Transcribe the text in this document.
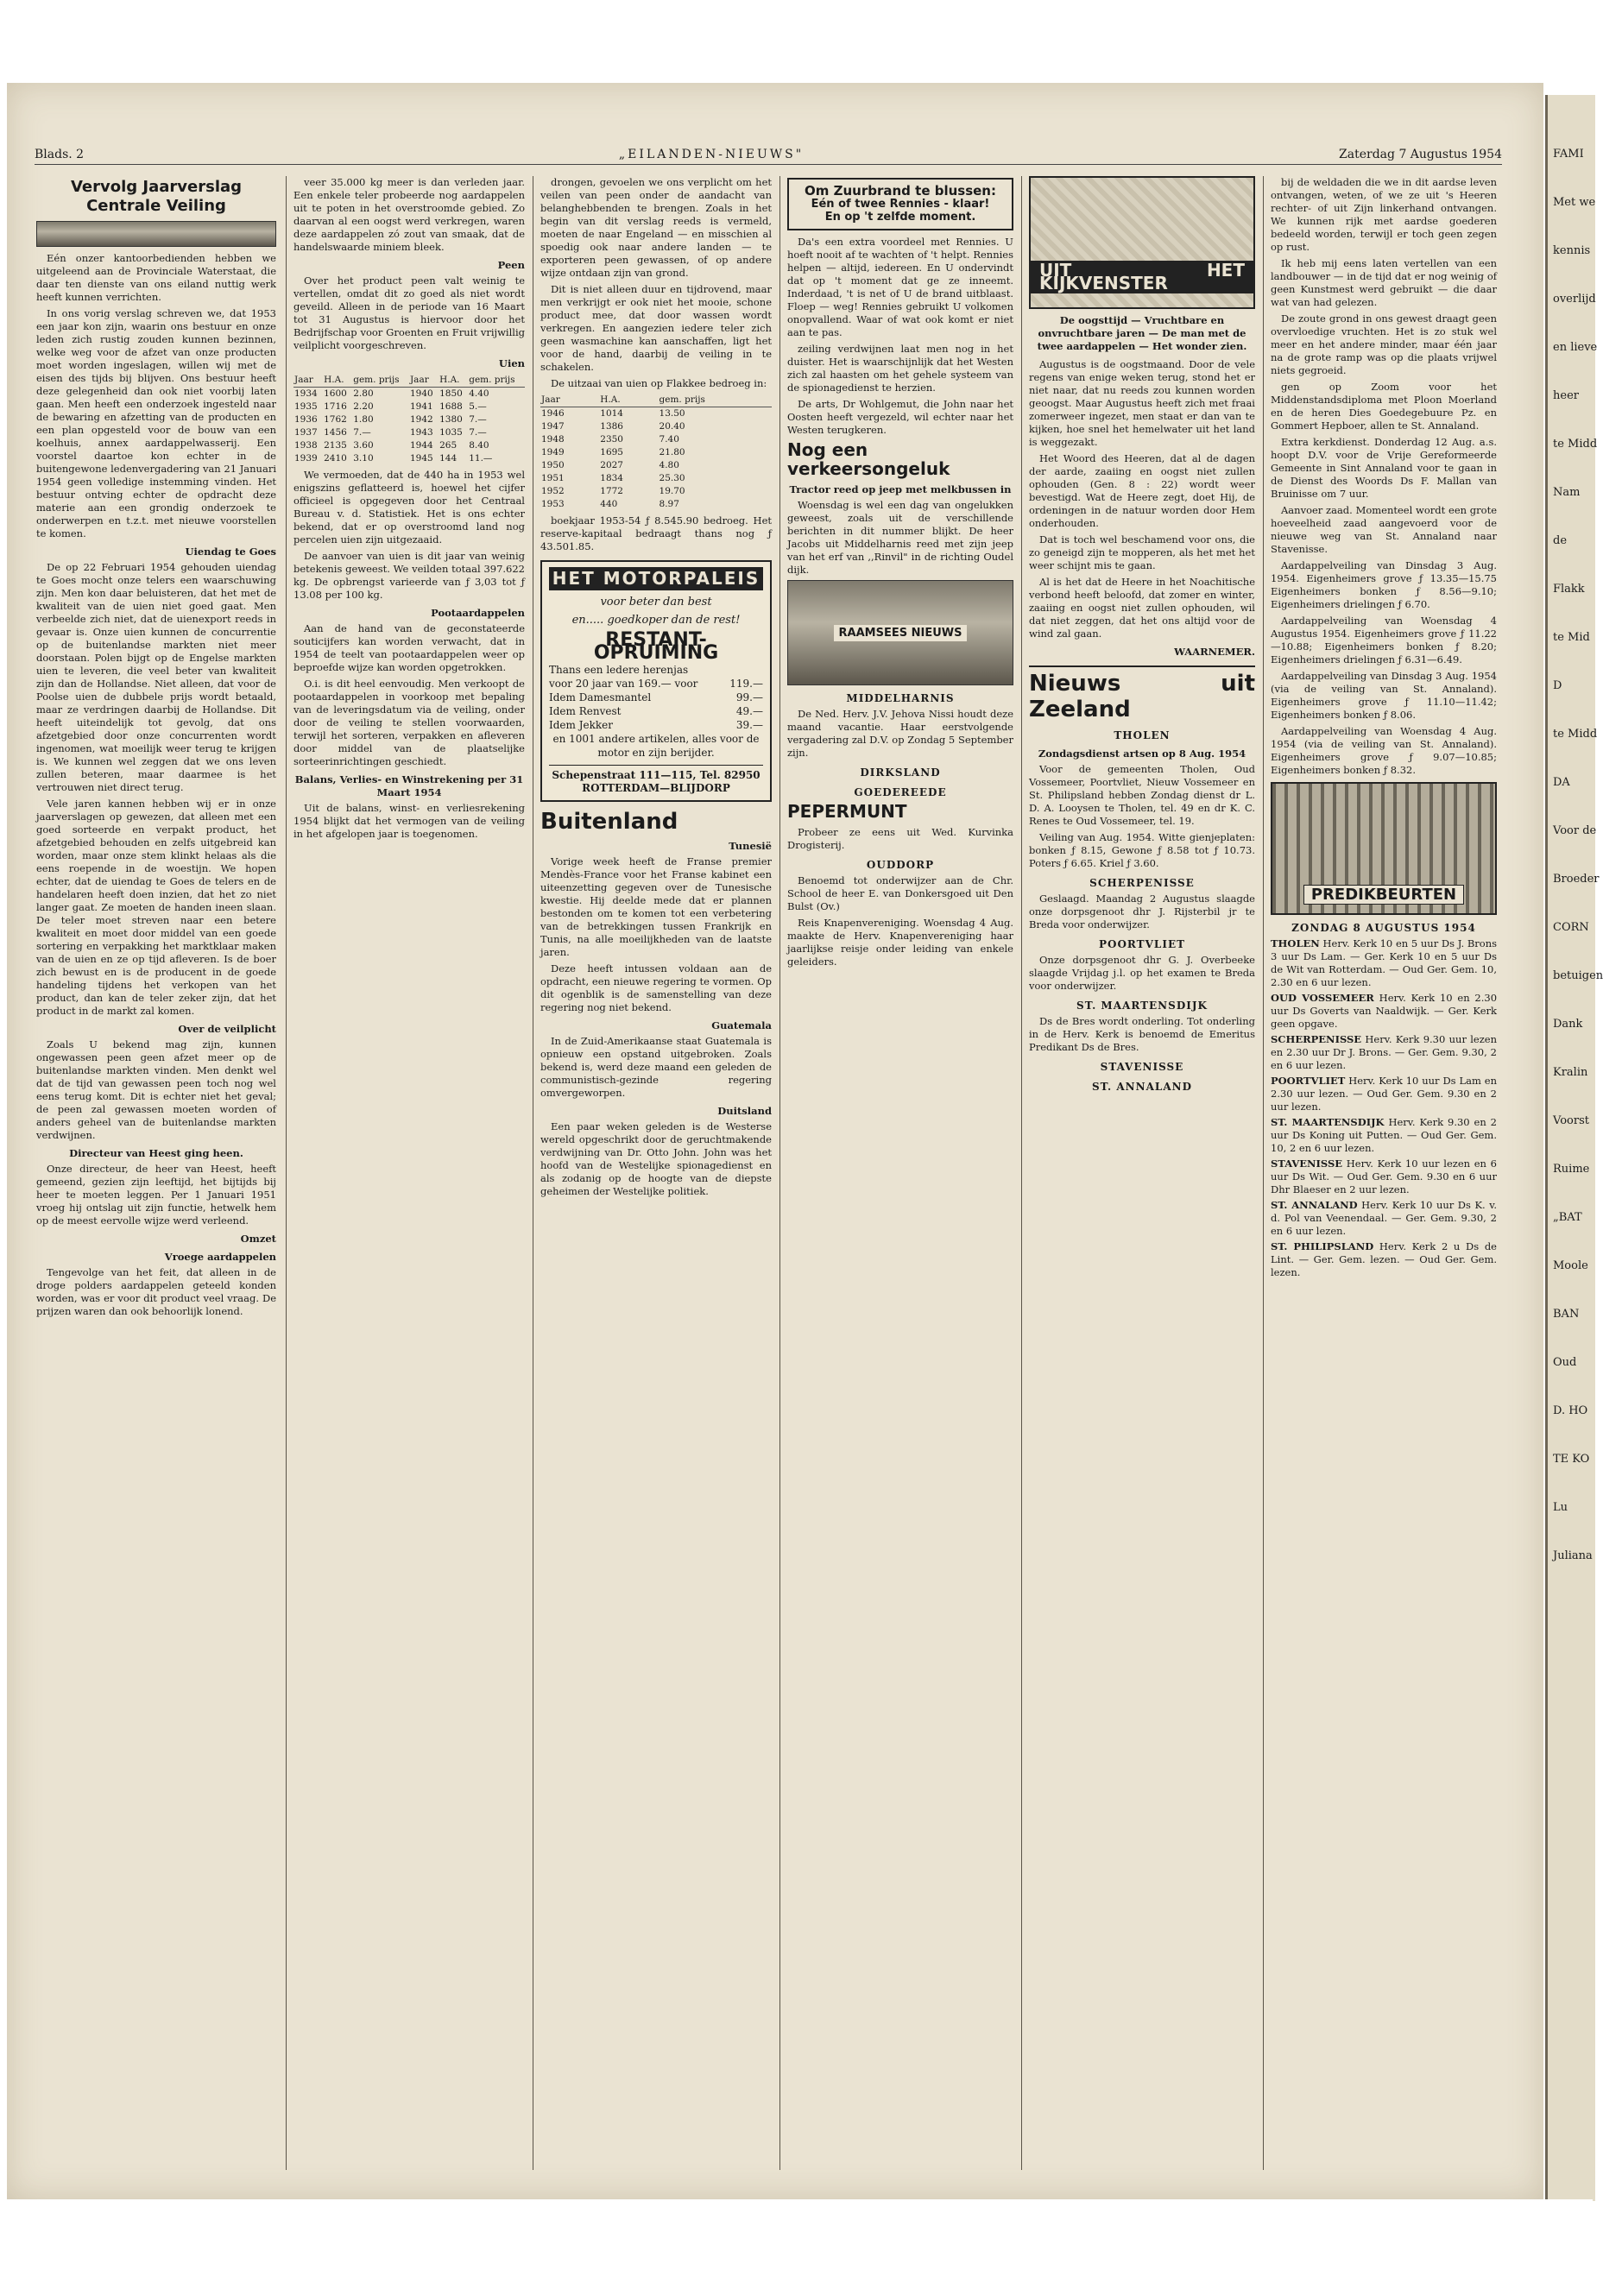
FAMI
Met we
kennis
overlijd
en lieve
heer
te Midd
Nam
de
Flakk
te Mid
D
te Midd
DA
Voor de
Broeder
CORN
betuigen
Dank
Kralin
Voorst
Ruime
„BAT
Moole
BAN
Oud
D. HO
TE KO
Lu
Juliana
Blads. 2	„EILANDEN-NIEUWS"	Zaterdag 7 Augustus 1954
Vervolg Jaarverslag Centrale Veiling

Eén onzer kantoorbedienden hebben we uitgeleend aan de Provinciale Waterstaat, die daar ten dienste van ons eiland nuttig werk heeft kunnen verrichten.

In ons vorig verslag schreven we, dat 1953 een jaar kon zijn, waarin ons bestuur en onze leden zich rustig zouden kunnen bezinnen, welke weg voor de afzet van onze producten moet worden ingeslagen, willen wij met de eisen des tijds bij blijven. Ons bestuur heeft deze gelegenheid dan ook niet voorbij laten gaan. Men heeft een onderzoek ingesteld naar de bewaring en afzetting van de producten en een plan opgesteld voor de bouw van een koelhuis, annex aardappelwasserij. Een voorstel daartoe kon echter in de buitengewone ledenvergadering van 21 Januari 1954 geen volledige instemming vinden. Het bestuur ontving echter de opdracht deze materie aan een grondig onderzoek te onderwerpen en t.z.t. met nieuwe voorstellen te komen.

Uiendag te Goes

De op 22 Februari 1954 gehouden uiendag te Goes mocht onze telers een waarschuwing zijn. Men kon daar beluisteren, dat het met de kwaliteit van de uien niet goed gaat. Men verbeelde zich niet, dat de uienexport reeds in gevaar is. Onze uien kunnen de concurrentie op de buitenlandse markten niet meer doorstaan. Polen bijgt op de Engelse markten uien te leveren, die veel beter van kwaliteit zijn dan de Hollandse. Niet alleen, dat voor de Poolse uien de dubbele prijs wordt betaald, maar ze verdringen daarbij de Hollandse. Dit heeft uiteindelijk tot gevolg, dat ons afzetgebied door onze concurrenten wordt ingenomen, wat moeilijk weer terug te krijgen is. We kunnen wel zeggen dat we ons leven zullen beteren, maar daarmee is het vertrouwen niet direct terug.

Vele jaren kannen hebben wij er in onze jaarverslagen op gewezen, dat alleen met een goed sorteerde en verpakt product, het afzetgebied behouden en zelfs uitgebreid kan worden, maar onze stem klinkt helaas als die eens roepende in de woestijn. We hopen echter, dat de uiendag te Goes de telers en de handelaren heeft doen inzien, dat het zo niet langer gaat. Ze moeten de handen ineen slaan. De teler moet streven naar een betere kwaliteit en moet door middel van een goede sortering en verpakking het marktklaar maken van de uien en ze op tijd afleveren. Is de boer zich bewust en is de producent in de goede handeling tijdens het verkopen van het product, dan kan de teler zeker zijn, dat het product in de markt zal komen.

Over de veilplicht

Zoals U bekend mag zijn, kunnen ongewassen peen geen afzet meer op de buitenlandse markten vinden. Men denkt wel dat de tijd van gewassen peen toch nog wel eens terug komt. Dit is echter niet het geval; de peen zal gewassen moeten worden of anders geheel van de buitenlandse markten verdwijnen.

Directeur van Heest ging heen.

Onze directeur, de heer van Heest, heeft gemeend, gezien zijn leeftijd, het bijtijds bij heer te moeten leggen. Per 1 Januari 1951 vroeg hij ontslag uit zijn functie, hetwelk hem op de meest eervolle wijze werd verleend.

Omzet
Vroege aardappelen

Tengevolge van het feit, dat alleen in de droge polders aardappelen geteeld konden worden, was er voor dit product veel vraag. De prijzen waren dan ook behoorlijk lonend.

veer 35.000 kg meer is dan verleden jaar. Een enkele teler probeerde nog aardappelen uit te poten in het overstroomde gebied. Zo daarvan al een oogst werd verkregen, waren deze aardappelen zó zout van smaak, dat de handelswaarde miniem bleek.

Peen

Over het product peen valt weinig te vertellen, omdat dit zo goed als niet wordt geveild. Alleen in de periode van 16 Maart tot 31 Augustus is hiervoor door het Bedrijfschap voor Groenten en Fruit vrijwillig veilplicht voorgeschreven.

Uien
Jaar	H.A.	gem. prijs	Jaar	H.A.	gem. prijs
1934	1600	2.80	1940	1850	4.40
1935	1716	2.20	1941	1688	5.—
1936	1762	1.80	1942	1380	7.—
1937	1456	7.—	1943	1035	7.—
1938	2135	3.60	1944	265	8.40
1939	2410	3.10	1945	144	11.—

We vermoeden, dat de 440 ha in 1953 wel enigszins geflatteerd is, hoewel het cijfer officieel is opgegeven door het Centraal Bureau v. d. Statistiek. Het is ons echter bekend, dat er op overstroomd land nog percelen uien zijn uitgezaaid.

De aanvoer van uien is dit jaar van weinig betekenis geweest. We veilden totaal 397.622 kg. De opbrengst varieerde van ƒ 3,03 tot ƒ 13.08 per 100 kg.

Pootaardappelen

Aan de hand van de geconstateerde souticijfers kan worden verwacht, dat in 1954 de teelt van pootaardappelen weer op beproefde wijze kan worden opgetrokken.

O.i. is dit heel eenvoudig. Men verkoopt de pootaardappelen in voorkoop met bepaling van de leveringsdatum via de veiling, onder door de veiling te stellen voorwaarden, terwijl het sorteren, verpakken en afleveren door middel van de plaatselijke sorteerinrichtingen geschiedt.

Balans, Verlies- en Winstrekening per 31 Maart 1954

Uit de balans, winst- en verliesrekening 1954 blijkt dat het vermogen van de veiling in het afgelopen jaar is toegenomen.

drongen, gevoelen we ons verplicht om het veilen van peen onder de aandacht van belanghebbenden te brengen. Zoals in het begin van dit verslag reeds is vermeld, moeten de naar Engeland — en misschien al spoedig ook naar andere landen — te exporteren peen gewassen, of op andere wijze ontdaan zijn van grond.

Dit is niet alleen duur en tijdrovend, maar men verkrijgt er ook niet het mooie, schone product mee, dat door wassen wordt verkregen. En aangezien iedere teler zich geen wasmachine kan aanschaffen, ligt het voor de hand, daarbij de veiling in te schakelen.

De uitzaai van uien op Flakkee bedroeg in:

Jaar	H.A.	gem. prijs
1946	1014	13.50
1947	1386	20.40
1948	2350	7.40
1949	1695	21.80
1950	2027	4.80
1951	1834	25.30
1952	1772	19.70
1953	440	8.97

boekjaar 1953-54 ƒ 8.545.90 bedroeg. Het reserve-kapitaal bedraagt thans nog ƒ 43.501.85.

HET MOTORPALEIS
voor beter dan best
en..... goedkoper dan de rest!
RESTANT-OPRUIMING
Thans een ledere herenjas
voor 20 jaar van 169.— voor	119.—
Idem Damesmantel	99.—
Idem Renvest	49.—
Idem Jekker	39.—
en 1001 andere artikelen, alles voor de motor en zijn berijder.
Schepenstraat 111—115, Tel. 82950 ROTTERDAM—BLIJDORP
Buitenland
Tunesië

Vorige week heeft de Franse premier Mendès-France voor het Franse kabinet een uiteenzetting gegeven over de Tunesische kwestie. Hij deelde mede dat er plannen bestonden om te komen tot een verbetering van de betrekkingen tussen Frankrijk en Tunis, na alle moeilijkheden van de laatste jaren.

Deze heeft intussen voldaan aan de opdracht, een nieuwe regering te vormen. Op dit ogenblik is de samenstelling van deze regering nog niet bekend.

Guatemala

In de Zuid-Amerikaanse staat Guatemala is opnieuw een opstand uitgebroken. Zoals bekend is, werd deze maand een geleden de communistisch-gezinde regering omvergeworpen.

Duitsland

Een paar weken geleden is de Westerse wereld opgeschrikt door de geruchtmakende verdwijning van Dr. Otto John. John was het hoofd van de Westelijke spionagedienst en als zodanig op de hoogte van de diepste geheimen der Westelijke politiek.

Om Zuurbrand te blussen:
Eén of twee Rennies - klaar!
En op 't zelfde moment.

Da's een extra voordeel met Rennies. U hoeft nooit af te wachten of 't helpt. Rennies helpen — altijd, iedereen. En U ondervindt dat op 't moment dat ge ze inneemt. Inderdaad, 't is net of U de brand uitblaast. Floep — weg! Rennies gebruikt U volkomen onopvallend. Waar of wat ook komt er niet aan te pas.

zeiling verdwijnen laat men nog in het duister. Het is waarschijnlijk dat het Westen zich zal haasten om het gehele systeem van de spionagedienst te herzien.

De arts, Dr Wohlgemut, die John naar het Oosten heeft vergezeld, wil echter naar het Westen terugkeren.

Nog een verkeersongeluk
Tractor reed op jeep met melkbussen in

Woensdag is wel een dag van ongelukken geweest, zoals uit de verschillende berichten in dit nummer blijkt. De heer Jacobs uit Middelharnis reed met zijn jeep van het erf van ,,Rinvil" in de richting Oudel dijk.

RAAMSEES NIEUWS
MIDDELHARNIS

De Ned. Herv. J.V. Jehova Nissi houdt deze maand vacantie. Haar eerstvolgende vergadering zal D.V. op Zondag 5 September zijn.

DIRKSLAND
GOEDEREEDE
PEPERMUNT

Probeer ze eens uit Wed. Kurvinka Drogisterij.

OUDDORP

Benoemd tot onderwijzer aan de Chr. School de heer E. van Donkersgoed uit Den Bulst (Ov.)

Reis Knapenvereniging. Woensdag 4 Aug. maakte de Herv. Knapenvereniging haar jaarlijkse reisje onder leiding van enkele geleiders.

UIT HET KIJKVENSTER
De oogsttijd — Vruchtbare en onvruchtbare jaren — De man met de twee aardappelen — Het wonder zien.

Augustus is de oogstmaand. Door de vele regens van enige weken terug, stond het er niet naar, dat nu reeds zou kunnen worden geoogst. Maar Augustus heeft zich met fraai zomerweer ingezet, men staat er dan van te kijken, hoe snel het hemelwater uit het land is weggezakt.

Het Woord des Heeren, dat al de dagen der aarde, zaaiing en oogst niet zullen ophouden (Gen. 8 : 22) wordt weer bevestigd. Wat de Heere zegt, doet Hij, de ordeningen in de natuur worden door Hem onderhouden.

Dat is toch wel beschamend voor ons, die zo geneigd zijn te mopperen, als het met het weer schijnt mis te gaan.

Al is het dat de Heere in het Noachitische verbond heeft beloofd, dat zomer en winter, zaaiing en oogst niet zullen ophouden, wil dat niet zeggen, dat het ons altijd voor de wind zal gaan.

WAARNEMER.
Nieuws uit Zeeland
THOLEN
Zondagsdienst artsen op 8 Aug. 1954

Voor de gemeenten Tholen, Oud Vossemeer, Poortvliet, Nieuw Vossemeer en St. Philipsland hebben Zondag dienst dr L. D. A. Looysen te Tholen, tel. 49 en dr K. C. Renes te Oud Vossemeer, tel. 19.

Veiling van Aug. 1954. Witte gienjeplaten: bonken ƒ 8.15, Gewone ƒ 8.58 tot ƒ 10.73. Poters ƒ 6.65. Kriel ƒ 3.60.

SCHERPENISSE

Geslaagd. Maandag 2 Augustus slaagde onze dorpsgenoot dhr J. Rijsterbil jr te Breda voor onderwijzer.

POORTVLIET

Onze dorpsgenoot dhr G. J. Overbeeke slaagde Vrijdag j.l. op het examen te Breda voor onderwijzer.

ST. MAARTENSDIJK

Ds de Bres wordt onderling. Tot onderling in de Herv. Kerk is benoemd de Emeritus Predikant Ds de Bres.

STAVENISSE
ST. ANNALAND

bij de weldaden die we in dit aardse leven ontvangen, weten, of we ze uit 's Heeren rechter- of uit Zijn linkerhand ontvangen. We kunnen rijk met aardse goederen bedeeld worden, terwijl er toch geen zegen op rust.

Ik heb mij eens laten vertellen van een landbouwer — in de tijd dat er nog weinig of geen Kunstmest werd gebruikt — die daar wat van had gelezen.

De zoute grond in ons gewest draagt geen overvloedige vruchten. Het is zo stuk wel meer en het andere minder, maar één jaar na de grote ramp was op die plaats vrijwel niets gegroeid.

gen op Zoom voor het Middenstandsdiploma met Ploon Moerland en de heren Dies Goedegebuure Pz. en Gommert Hepboer, allen te St. Annaland.

Extra kerkdienst. Donderdag 12 Aug. a.s. hoopt D.V. voor de Vrije Gereformeerde Gemeente in Sint Annaland voor te gaan in de Dienst des Woords Ds F. Mallan van Bruinisse om 7 uur.

Aanvoer zaad. Momenteel wordt een grote hoeveelheid zaad aangevoerd voor de nieuwe weg van St. Annaland naar Stavenisse.

Aardappelveiling van Dinsdag 3 Aug. 1954. Eigenheimers grove ƒ 13.35—15.75 Eigenheimers bonken ƒ 8.56—9.10; Eigenheimers drielingen ƒ 6.70.

Aardappelveiling van Woensdag 4 Augustus 1954. Eigenheimers grove ƒ 11.22—10.88; Eigenheimers bonken ƒ 8.20; Eigenheimers drielingen ƒ 6.31—6.49.

Aardappelveiling van Dinsdag 3 Aug. 1954 (via de veiling van St. Annaland). Eigenheimers grove ƒ 11.10—11.42; Eigenheimers bonken ƒ 8.06.

Aardappelveiling van Woensdag 4 Aug. 1954 (via de veiling van St. Annaland). Eigenheimers grove ƒ 9.07—10.85; Eigenheimers bonken ƒ 8.32.

PREDIKBEURTEN
ZONDAG 8 AUGUSTUS 1954

THOLEN Herv. Kerk 10 en 5 uur Ds J. Brons 3 uur Ds Lam. — Ger. Kerk 10 en 5 uur Ds de Wit van Rotterdam. — Oud Ger. Gem. 10, 2.30 en 6 uur lezen.

OUD VOSSEMEER Herv. Kerk 10 en 2.30 uur Ds Goverts van Naaldwijk. — Ger. Kerk geen opgave.

SCHERPENISSE Herv. Kerk 9.30 uur lezen en 2.30 uur Dr J. Brons. — Ger. Gem. 9.30, 2 en 6 uur lezen.

POORTVLIET Herv. Kerk 10 uur Ds Lam en 2.30 uur lezen. — Oud Ger. Gem. 9.30 en 2 uur lezen.

ST. MAARTENSDIJK Herv. Kerk 9.30 en 2 uur Ds Koning uit Putten. — Oud Ger. Gem. 10, 2 en 6 uur lezen.

STAVENISSE Herv. Kerk 10 uur lezen en 6 uur Ds Wit. — Oud Ger. Gem. 9.30 en 6 uur Dhr Blaeser en 2 uur lezen.

ST. ANNALAND Herv. Kerk 10 uur Ds K. v. d. Pol van Veenendaal. — Ger. Gem. 9.30, 2 en 6 uur lezen.

ST. PHILIPSLAND Herv. Kerk 2 u Ds de Lint. — Ger. Gem. lezen. — Oud Ger. Gem. lezen.
